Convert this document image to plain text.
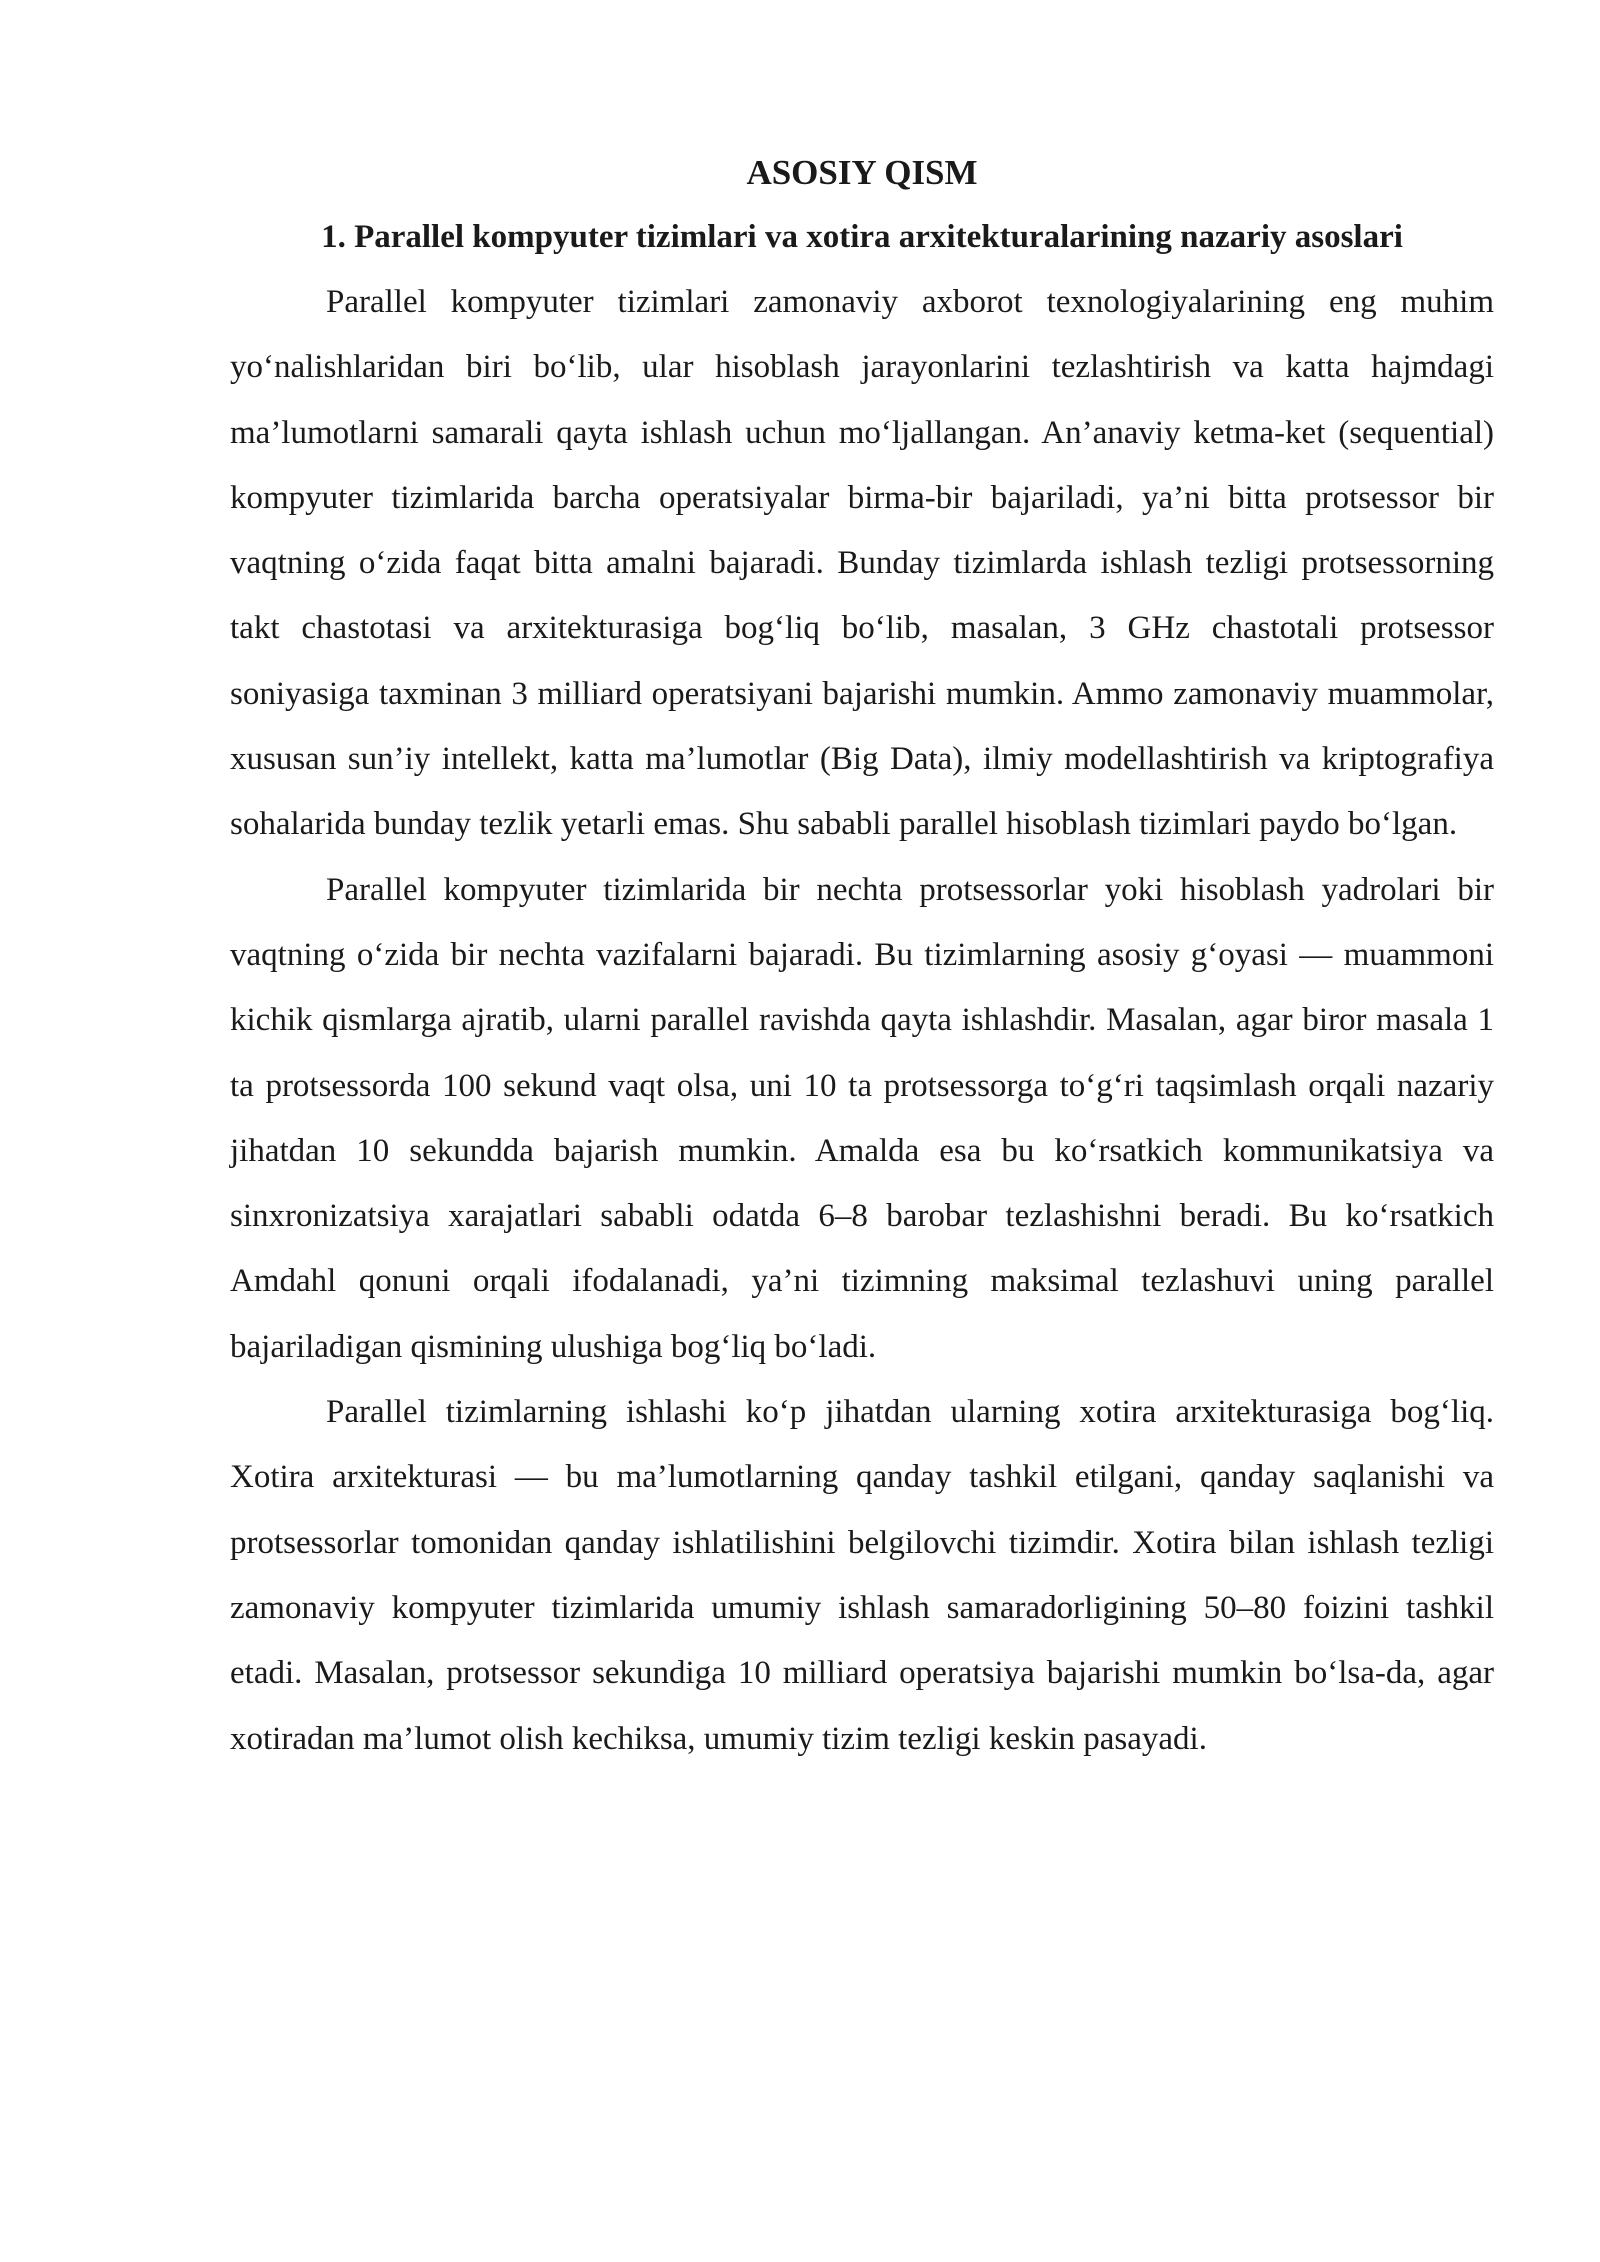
ASOSIY QISM
1. Parallel kompyuter tizimlari va xotira arxitekturalarining nazariy asoslari

Parallel kompyuter tizimlari zamonaviy axborot texnologiyalarining eng muhim yo‘nalishlaridan biri bo‘lib, ular hisoblash jarayonlarini tezlashtirish va katta hajmdagi ma’lumotlarni samarali qayta ishlash uchun mo‘ljallangan. An’anaviy ketma-ket (sequential) kompyuter tizimlarida barcha operatsiyalar birma-bir bajariladi, ya’ni bitta protsessor bir vaqtning o‘zida faqat bitta amalni bajaradi. Bunday tizimlarda ishlash tezligi protsessorning takt chastotasi va arxitekturasiga bog‘liq bo‘lib, masalan, 3 GHz chastotali protsessor soniyasiga taxminan 3 milliard operatsiyani bajarishi mumkin. Ammo zamonaviy muammolar, xususan sun’iy intellekt, katta ma’lumotlar (Big Data), ilmiy modellashtirish va kriptografiya sohalarida bunday tezlik yetarli emas. Shu sababli parallel hisoblash tizimlari paydo bo‘lgan.

Parallel kompyuter tizimlarida bir nechta protsessorlar yoki hisoblash yadrolari bir vaqtning o‘zida bir nechta vazifalarni bajaradi. Bu tizimlarning asosiy g‘oyasi — muammoni kichik qismlarga ajratib, ularni parallel ravishda qayta ishlashdir. Masalan, agar biror masala 1 ta protsessorda 100 sekund vaqt olsa, uni 10 ta protsessorga to‘g‘ri taqsimlash orqali nazariy jihatdan 10 sekundda bajarish mumkin. Amalda esa bu ko‘rsatkich kommunikatsiya va sinxronizatsiya xarajatlari sababli odatda 6–8 barobar tezlashishni beradi. Bu ko‘rsatkich Amdahl qonuni orqali ifodalanadi, ya’ni tizimning maksimal tezlashuvi uning parallel bajariladigan qismining ulushiga bog‘liq bo‘ladi.

Parallel tizimlarning ishlashi ko‘p jihatdan ularning xotira arxitekturasiga bog‘liq. Xotira arxitekturasi — bu ma’lumotlarning qanday tashkil etilgani, qanday saqlanishi va protsessorlar tomonidan qanday ishlatilishini belgilovchi tizimdir. Xotira bilan ishlash tezligi zamonaviy kompyuter tizimlarida umumiy ishlash samaradorligining 50–80 foizini tashkil etadi. Masalan, protsessor sekundiga 10 milliard operatsiya bajarishi mumkin bo‘lsa-da, agar xotiradan ma’lumot olish kechiksa, umumiy tizim tezligi keskin pasayadi.
